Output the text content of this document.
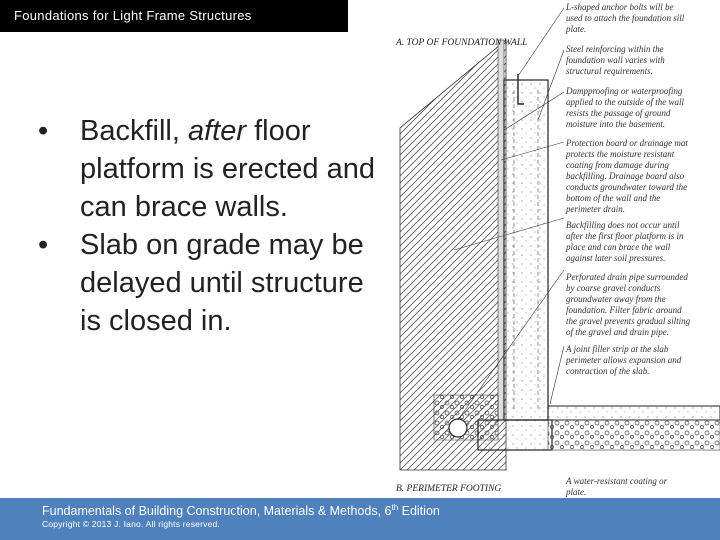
Foundations for Light Frame Structures
• Backfill, after floor platform is erected and can brace walls.
• Slab on grade may be delayed until structure is closed in.
A. TOP OF FOUNDATION WALL
B. PERIMETER FOOTING
L-shaped anchor bolts will be used to attach the foundation sill plate.
Steel reinforcing within the foundation wall varies with structural requirements.
Dampproofing or waterproofing applied to the outside of the wall resists the passage of ground moisture into the basement.
Protection board or drainage mat protects the moisture resistant coating from damage during backfilling. Drainage board also conducts groundwater toward the bottom of the wall and the perimeter drain.
Backfilling does not occur until after the first floor platform is in place and can brace the wall against later soil pressures.
Perforated drain pipe surrounded by coarse gravel conducts groundwater away from the foundation. Filter fabric around the gravel prevents gradual silting of the gravel and drain pipe.
A joint filler strip at the slab perimeter allows expansion and contraction of the slab.
A water-resistant coating or plate.
Fundamentals of Building Construction, Materials & Methods, 6th Edition
Copyright © 2013 J. Iano. All rights reserved.
